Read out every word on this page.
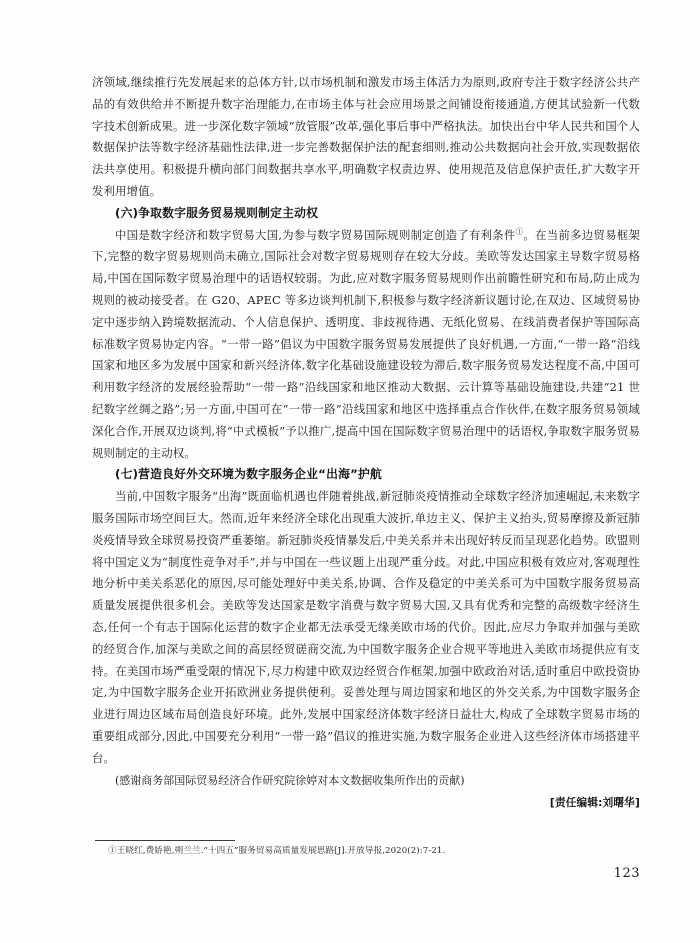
济领域,继续推行先发展起来的总体方针,以市场机制和激发市场主体活力为原则,政府专注于数字经济公共产品的有效供给并不断提升数字治理能力,在市场主体与社会应用场景之间铺设衔接通道,方便其试验新一代数字技术创新成果。进一步深化数字领域“放管服”改革,强化事后事中严格执法。加快出台中华人民共和国个人数据保护法等数字经济基础性法律,进一步完善数据保护法的配套细则,推动公共数据向社会开放,实现数据依法共享使用。积极提升横向部门间数据共享水平,明确数字权责边界、使用规范及信息保护责任,扩大数字开发利用增值。

(六)争取数字服务贸易规则制定主动权

中国是数字经济和数字贸易大国,为参与数字贸易国际规则制定创造了有利条件①。在当前多边贸易框架下,完整的数字贸易规则尚未确立,国际社会对数字贸易规则存在较大分歧。美欧等发达国家主导数字贸易格局,中国在国际数字贸易治理中的话语权较弱。为此,应对数字服务贸易规则作出前瞻性研究和布局,防止成为规则的被动接受者。在 G20、APEC 等多边谈判机制下,积极参与数字经济新议题讨论,在双边、区域贸易协定中逐步纳入跨境数据流动、个人信息保护、透明度、非歧视待遇、无纸化贸易、在线消费者保护等国际高标准数字贸易协定内容。“一带一路”倡议为中国数字服务贸易发展提供了良好机遇,一方面,“一带一路”沿线国家和地区多为发展中国家和新兴经济体,数字化基础设施建设较为滞后,数字服务贸易发达程度不高,中国可利用数字经济的发展经验帮助“一带一路”沿线国家和地区推动大数据、云计算等基础设施建设,共建“21 世纪数字丝绸之路”;另一方面,中国可在“一带一路”沿线国家和地区中选择重点合作伙伴,在数字服务贸易领域深化合作,开展双边谈判,将“中式模板”予以推广,提高中国在国际数字贸易治理中的话语权,争取数字服务贸易规则制定的主动权。

(七)营造良好外交环境为数字服务企业“出海”护航

当前,中国数字服务“出海”既面临机遇也伴随着挑战,新冠肺炎疫情推动全球数字经济加速崛起,未来数字服务国际市场空间巨大。然而,近年来经济全球化出现重大波折,单边主义、保护主义抬头,贸易摩擦及新冠肺炎疫情导致全球贸易投资严重萎缩。新冠肺炎疫情暴发后,中美关系并未出现好转反而呈现恶化趋势。欧盟则将中国定义为“制度性竞争对手”,并与中国在一些议题上出现严重分歧。对此,中国应积极有效应对,客观理性地分析中美关系恶化的原因,尽可能处理好中美关系,协调、合作及稳定的中美关系可为中国数字服务贸易高质量发展提供很多机会。美欧等发达国家是数字消费与数字贸易大国,又具有优秀和完整的高级数字经济生态,任何一个有志于国际化运营的数字企业都无法承受无缘美欧市场的代价。因此,应尽力争取并加强与美欧的经贸合作,加深与美欧之间的高层经贸磋商交流,为中国数字服务企业合规平等地进入美欧市场提供应有支持。在美国市场严重受限的情况下,尽力构建中欧双边经贸合作框架,加强中欧政治对话,适时重启中欧投资协定,为中国数字服务企业开拓欧洲业务提供便利。妥善处理与周边国家和地区的外交关系,为中国数字服务企业进行周边区域布局创造良好环境。此外,发展中国家经济体数字经济日益壮大,构成了全球数字贸易市场的重要组成部分,因此,中国要充分利用“一带一路”倡议的推进实施,为数字服务企业进入这些经济体市场搭建平台。

(感谢商务部国际贸易经济合作研究院徐婷对本文数据收集所作出的贡献)

[责任编辑:刘曙华]
①王晓红,费娇艳,朔兰兰.“十四五”服务贸易高质量发展思路[J].开放导报,2020(2):7-21.
123
